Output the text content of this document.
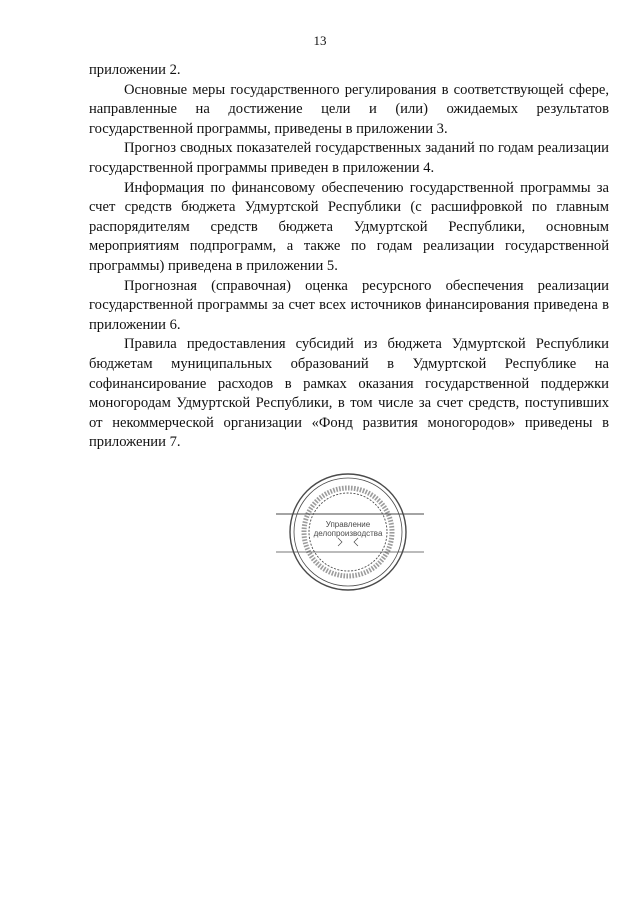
13

приложении 2.

Основные меры государственного регулирования в соответствующей сфере, направленные на достижение цели и (или) ожидаемых результатов государственной программы, приведены в приложении 3.

Прогноз сводных показателей государственных заданий по годам реализации государственной программы приведен в приложении 4.

Информация по финансовому обеспечению государственной программы за счет средств бюджета Удмуртской Республики (с расшифровкой по главным распорядителям средств бюджета Удмуртской Республики, основным мероприятиям подпрограмм, а также по годам реализации государственной программы) приведена в приложении 5.

Прогнозная (справочная) оценка ресурсного обеспечения реализации государственной программы за счет всех источников финансирования приведена в приложении 6.

Правила предоставления субсидий из бюджета Удмуртской Республики бюджетам муниципальных образований в Удмуртской Республике на софинансирование расходов в рамках оказания государственной поддержки моногородам Удмуртской Республики, в том числе за счет средств, поступивших от некоммерческой организации «Фонд развития моногородов» приведены в приложении 7.

Управление
делопроизводства
